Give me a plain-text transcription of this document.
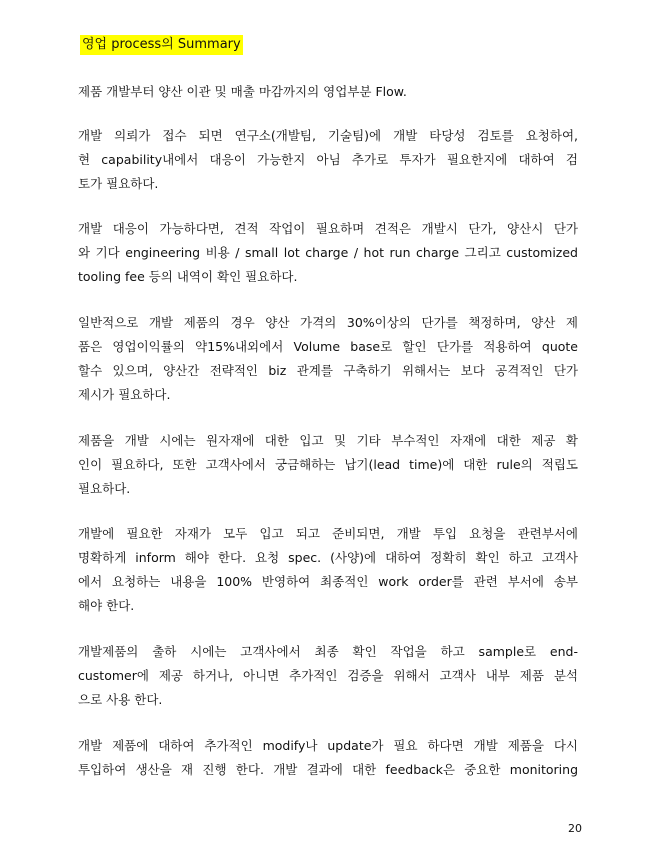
영업 process의 Summary
제품 개발부터 양산 이관 및 매출 마감까지의 영업부분 Flow.
개발 의뢰가 접수 되면 연구소(개발팀, 기술팀)에 개발 타당성 검토를 요청하여,
현 capability내에서 대응이 가능한지 아님 추가로 투자가 필요한지에 대하여 검
토가 필요하다.
개발 대응이 가능하다면, 견적 작업이 필요하며 견적은 개발시 단가, 양산시 단가
와 기다 engineering 비용 / small lot charge / hot run charge 그리고 customized
tooling fee 등의 내역이 확인 필요하다.
일반적으로 개발 제품의 경우 양산 가격의 30%이상의 단가를 책정하며, 양산 제
품은 영업이익률의 약15%내외에서 Volume base로 할인 단가를 적용하여 quote
할수 있으며, 양산간 전략적인 biz 관계를 구축하기 위해서는 보다 공격적인 단가
제시가 필요하다.
제품을 개발 시에는 원자재에 대한 입고 및 기타 부수적인 자재에 대한 제공 확
인이 필요하다, 또한 고객사에서 궁금해하는 납기(lead time)에 대한 rule의 적립도
필요하다.
개발에 필요한 자재가 모두 입고 되고 준비되면, 개발 투입 요청을 관련부서에
명확하게 inform 해야 한다. 요청 spec. (사양)에 대하여 정확히 확인 하고 고객사
에서 요청하는 내용을 100% 반영하여 최종적인 work order를 관련 부서에 송부
해야 한다.
개발제품의 출하 시에는 고객사에서 최종 확인 작업을 하고 sample로 end-
customer에 제공 하거나, 아니면 추가적인 검증을 위해서 고객사 내부 제품 분석
으로 사용 한다.
개발 제품에 대하여 추가적인 modify나 update가 필요 하다면 개발 제품을 다시
투입하여 생산을 재 진행 한다. 개발 결과에 대한 feedback은 중요한 monitoring
20
